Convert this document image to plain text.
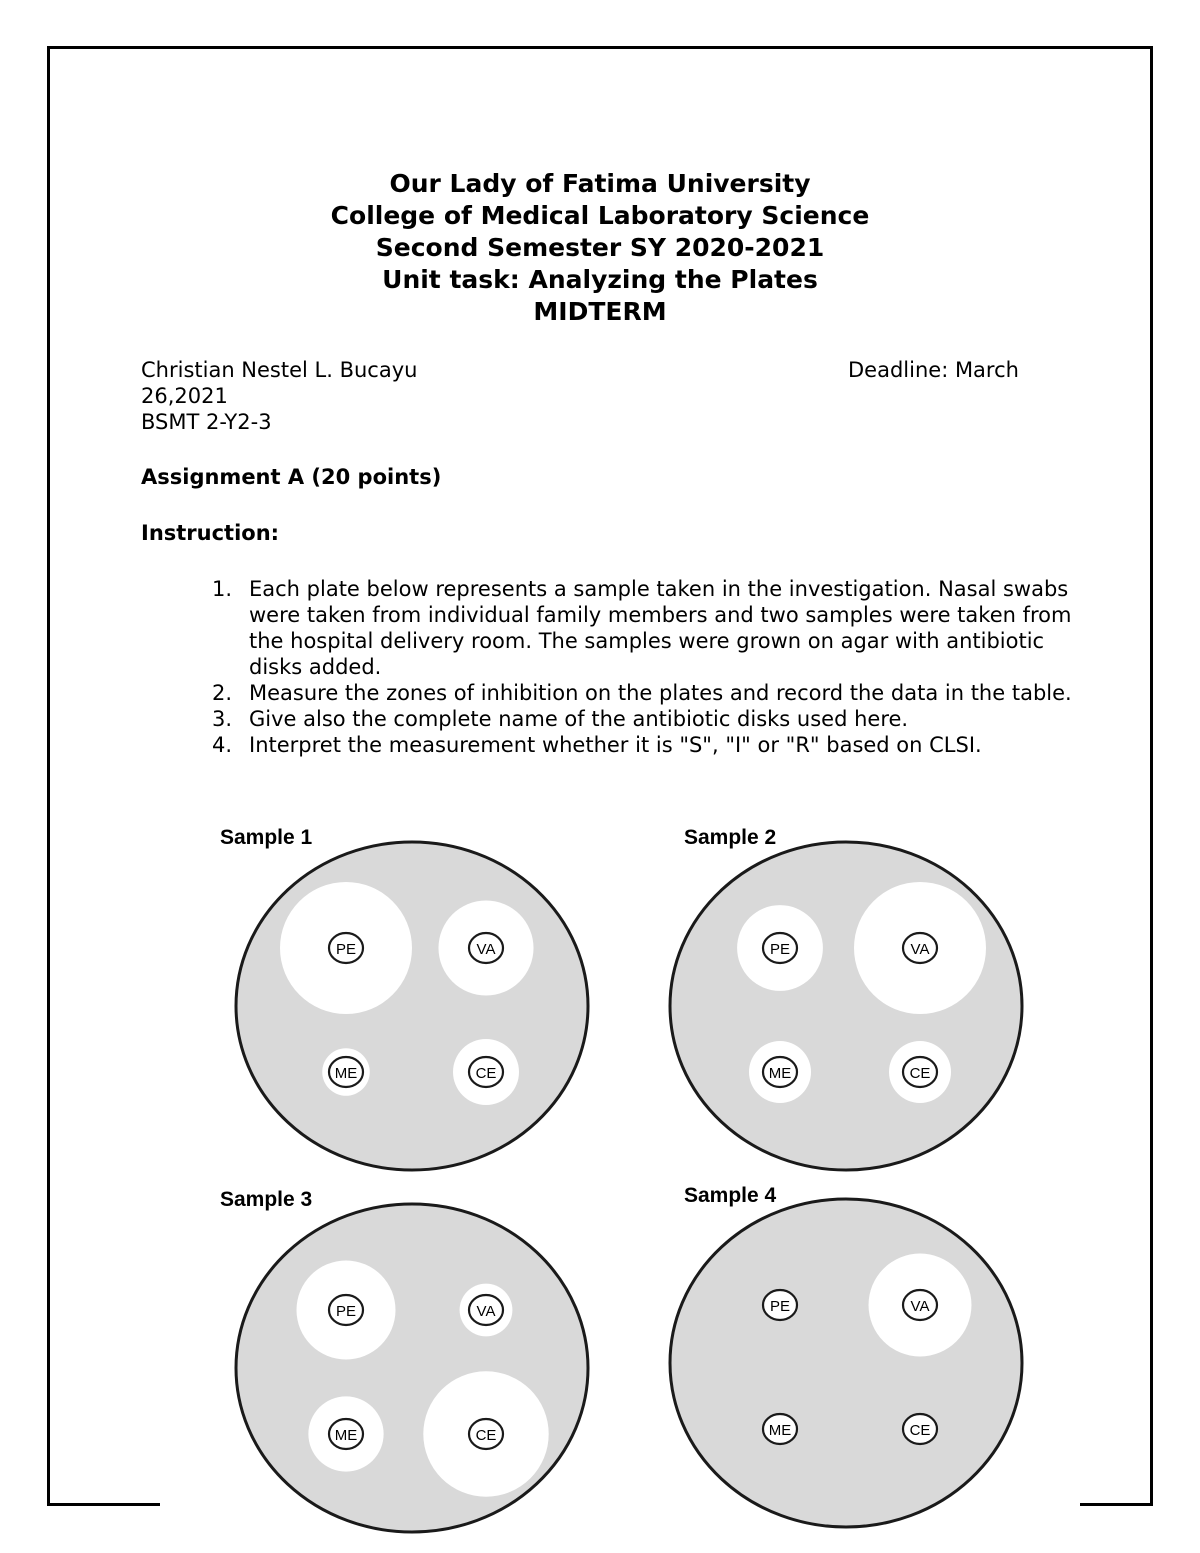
Our Lady of Fatima University
College of Medical Laboratory Science
Second Semester SY 2020-2021
Unit task: Analyzing the Plates
MIDTERM
Christian Nestel L. Bucayu	Deadline: March
26,2021
BSMT 2-Y2-3
Assignment A (20 points)
Instruction:
1. Each plate below represents a sample taken in the investigation. Nasal swabs were taken from individual family members and two samples were taken from the hospital delivery room. The samples were grown on agar with antibiotic disks added.
2. Measure the zones of inhibition on the plates and record the data in the table.
3. Give also the complete name of the antibiotic disks used here.
4. Interpret the measurement whether it is "S", "I" or "R" based on CLSI.
Sample 1	Sample 2
Sample 3	Sample 4
PE	VA
ME	CE
PE	VA
ME	CE
PE	VA
ME	CE
PE	VA
ME	CE
